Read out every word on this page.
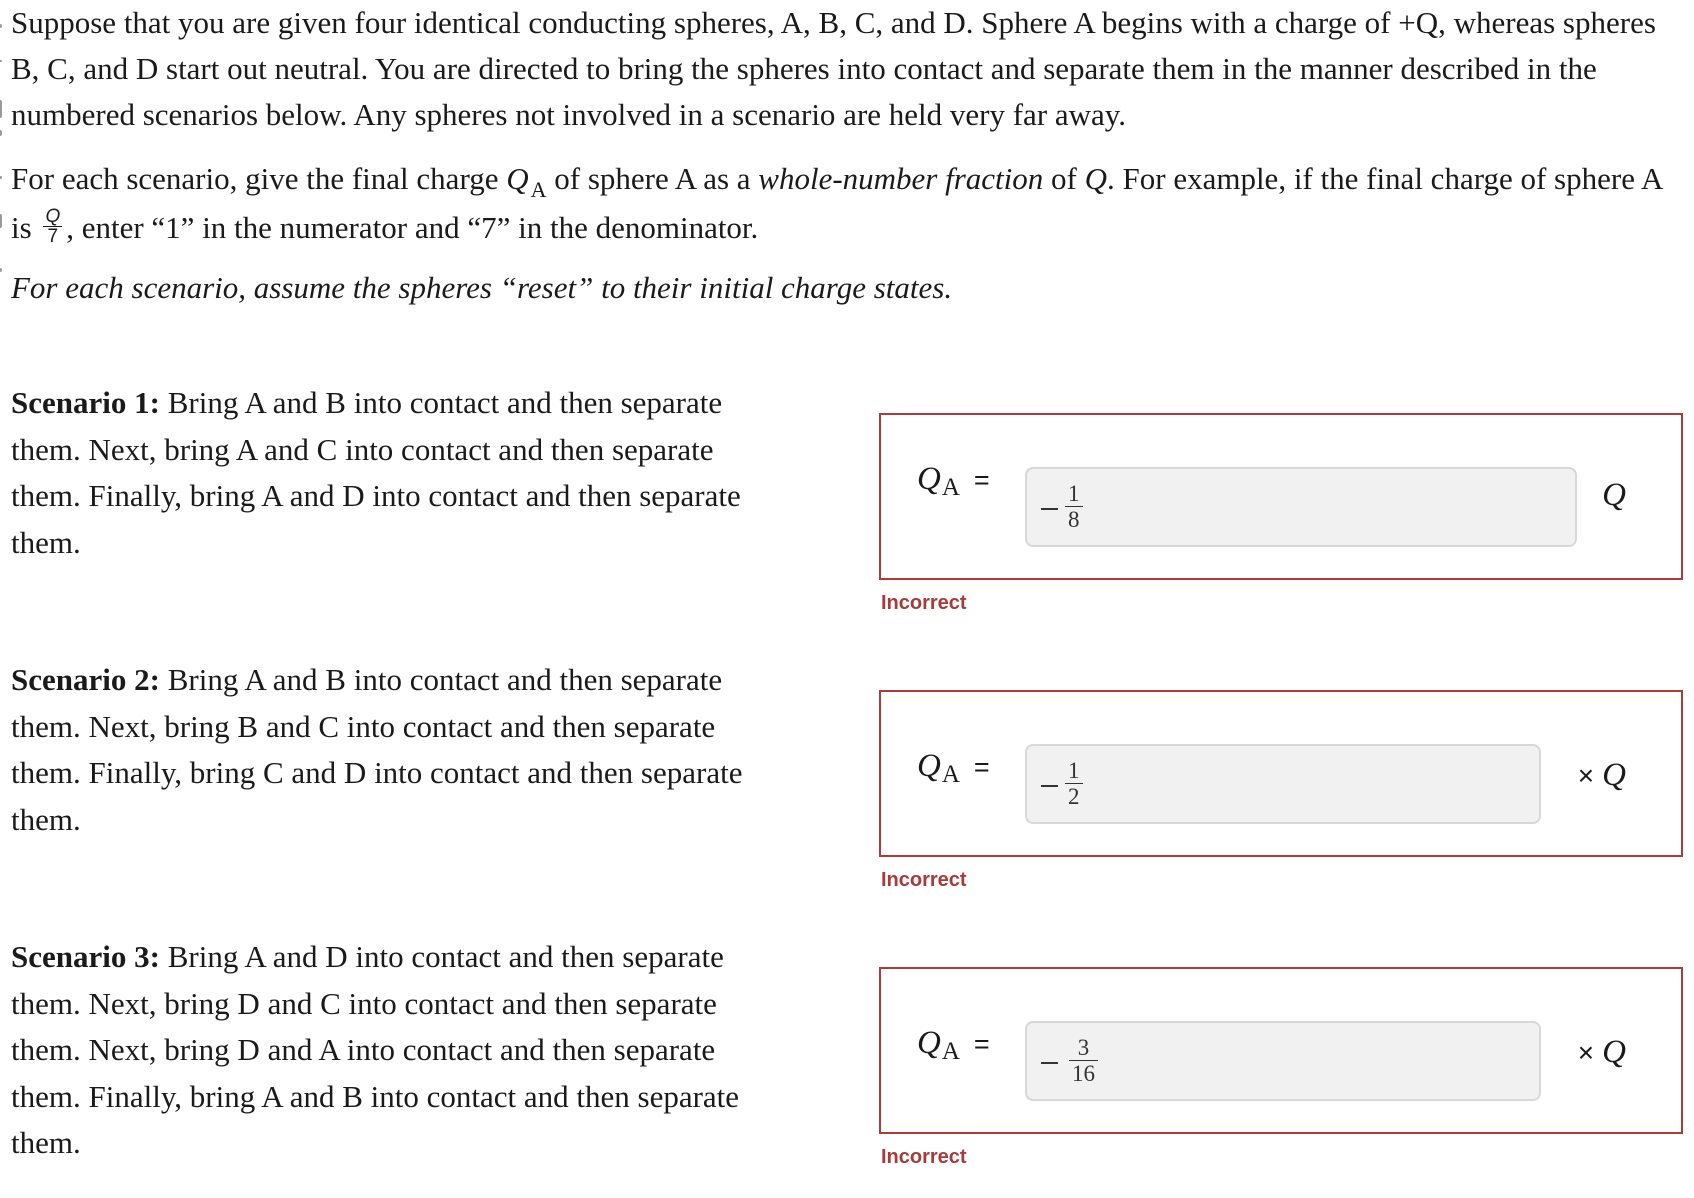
Suppose that you are given four identical conducting spheres, A, B, C, and D. Sphere A begins with a charge of +Q, whereas spheres B, C, and D start out neutral. You are directed to bring the spheres into contact and separate them in the manner described in the numbered scenarios below. Any spheres not involved in a scenario are held very far away.

For each scenario, give the final charge $Q_A$ of sphere A as a whole-number fraction of Q. For example, if the final charge of sphere A is $\frac{Q}{7}$ , enter “1” in the numerator and “7” in the denominator.

For each scenario, assume the spheres “reset” to their initial charge states.

Scenario 1: Bring A and B into contact and then separate them. Next, bring A and C into contact and then separate them. Finally, bring A and D into contact and then separate them.
QA =
$\frac{1}{8}$	Q
Incorrect
Scenario 2: Bring A and B into contact and then separate them. Next, bring B and C into contact and then separate them. Finally, bring C and D into contact and then separate them.
QA =	$\frac{1}{2}$	× Q
Incorrect
Scenario 3: Bring A and D into contact and then separate them. Next, bring D and C into contact and then separate them. Next, bring D and A into contact and then separate them. Finally, bring A and B into contact and then separate them.
QA =	$\frac{3}{16}$	× Q
Incorrect
